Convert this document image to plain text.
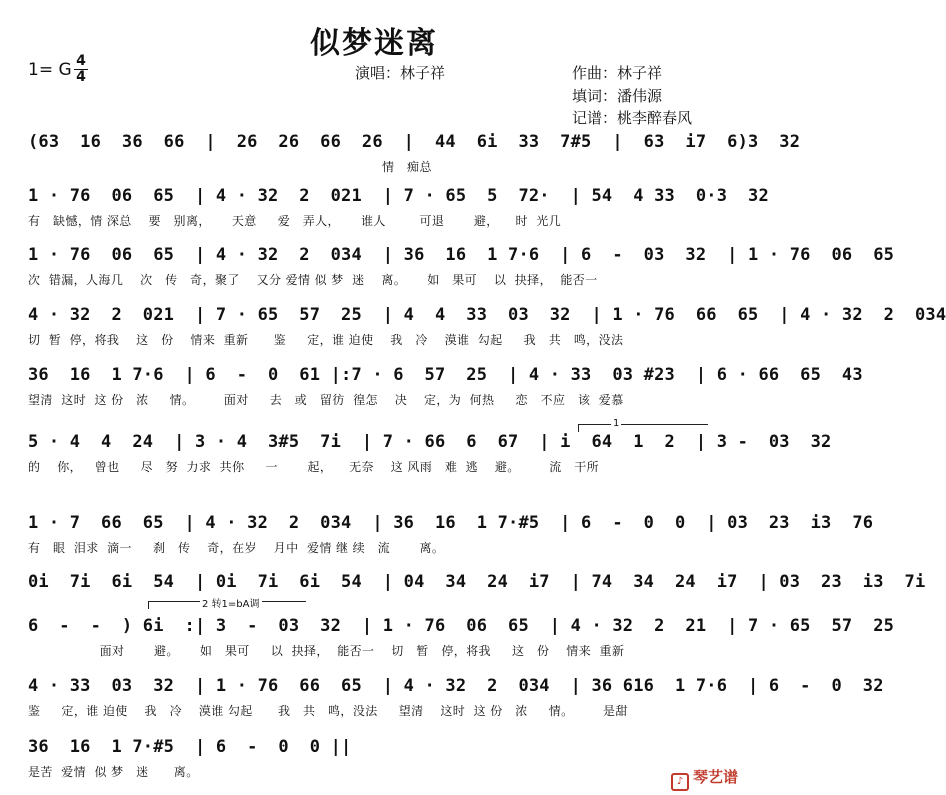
似梦迷离
1= G 4
4	演唱：林子祥	作曲：林子祥
填词：潘伟源
记谱：桃李醉春风
(63  16  36  66  |  26  26  66  26  |  44  6i  33  7#5  |  63  i7  6)3  32
情   痴总
1 · 76  06  65  | 4 · 32  2  021  | 7 · 65  5  72·  | 54  4 33  0·3  32
有   缺憾，情 深总    要   别离，     天意     爱   弄人，     谁人        可退       避，    时  光几
1 · 76  06  65  | 4 · 32  2  034  | 36  16  1 7·6  | 6  -  03  32  | 1 · 76  06  65
次  错漏，人海几    次   传   奇，聚了    又分 爱情 似 梦  迷    离。     如   果可    以  抉择，  能否一
4 · 32  2  021  | 7 · 65  57  25  | 4  4  33  03  32  | 1 · 76  66  65  | 4 · 32  2  034
切  暂  停，将我    这   份    情来  重新      鉴     定，谁 迫使    我   冷    漠谁  勾起     我   共   鸣，没法
36  16  1 7·6  | 6  -  0  61 |:7 · 6  57  25  | 4 · 33  03 #23  | 6 · 66  65  43
望清  这时  这 份   浓     情。       面对     去   或   留彷  徨怎    决    定，为  何热     恋   不应   该  爱慕
1
5 · 4  4  24  | 3 · 4  3#5  7i  | 7 · 66  6  67  | i  64  1  2  | 3 -  03  32
的    你，   曾也     尽   努  力求  共你     一       起，    无奈    这 风雨   难  逃    避。       流   干所
1 · 7  66  65  | 4 · 32  2  034  | 36  16  1 7·#5  | 6  -  0  0  | 03  23  i3  76
有   眼  泪求  滴一     刹   传    奇，在岁    月中  爱情 继 续   流       离。
0i  7i  6i  54  | 0i  7i  6i  54  | 04  34  24  i7  | 74  34  24  i7  | 03  23  i3  7i
2 转1=bA调
6  -  -  ) 6i  :| 3  -  03  32  | 1 · 76  06  65  | 4 · 32  2  21  | 7 · 65  57  25
面对       避。     如   果可     以  抉择，  能否一    切   暂   停，将我     这   份    情来  重新
4 · 33  03  32  | 1 · 76  66  65  | 4 · 32  2  034  | 36 616  1 7·6  | 6  -  0  32
鉴     定，谁 迫使    我   冷    漠谁 勾起      我   共   鸣，没法     望清    这时  这 份   浓     情。       是甜
36  16  1 7·#5  | 6  -  0  0 ||
是苦  爱情  似 梦   迷      离。
♪ 琴艺谱
